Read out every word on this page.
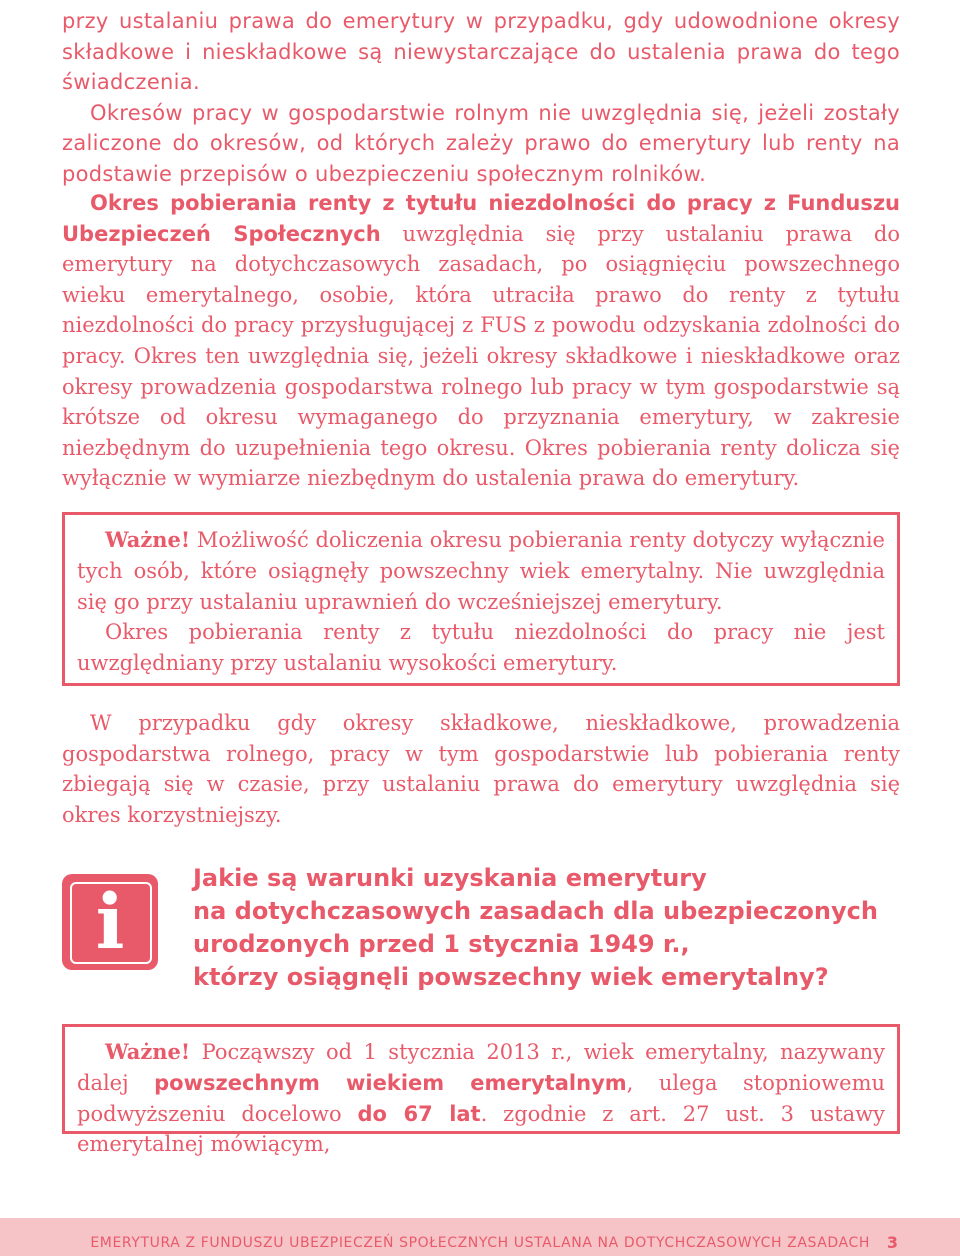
przy ustalaniu prawa do emerytury w przypadku, gdy udowodnione okresy składkowe i nieskładkowe są niewystarczające do ustalenia prawa do tego świadczenia.

Okresów pracy w gospodarstwie rolnym nie uwzględnia się, jeżeli zostały zaliczone do okresów, od których zależy prawo do emerytury lub renty na podstawie przepisów o ubezpieczeniu społecznym rolników.

Okres pobierania renty z tytułu niezdolności do pracy z Funduszu Ubezpieczeń Społecznych uwzględnia się przy ustalaniu prawa do emerytury na dotychczasowych zasadach, po osiągnięciu powszechnego wieku emerytalnego, osobie, która utraciła prawo do renty z tytułu niezdolności do pracy przysługującej z FUS z powodu odzyskania zdolności do pracy. Okres ten uwzględnia się, jeżeli okresy składkowe i nieskładkowe oraz okresy prowadzenia gospodarstwa rolnego lub pracy w tym gospodarstwie są krótsze od okresu wymaganego do przyznania emerytury, w zakresie niezbędnym do uzupełnienia tego okresu. Okres pobierania renty dolicza się wyłącznie w wymiarze niezbędnym do ustalenia prawa do emerytury.

Ważne! Możliwość doliczenia okresu pobierania renty dotyczy wyłącznie tych osób, które osiągnęły powszechny wiek emerytalny. Nie uwzględnia się go przy ustalaniu uprawnień do wcześniejszej emerytury.

Okres pobierania renty z tytułu niezdolności do pracy nie jest uwzględniany przy ustalaniu wysokości emerytury.

W przypadku gdy okresy składkowe, nieskładkowe, prowadzenia gospodarstwa rolnego, pracy w tym gospodarstwie lub pobierania renty zbiegają się w czasie, przy ustalaniu prawa do emerytury uwzględnia się okres korzystniejszy.

i	Jakie są warunki uzyskania emerytury
na dotychczasowych zasadach dla ubezpieczonych
urodzonych przed 1 stycznia 1949 r.,
którzy osiągnęli powszechny wiek emerytalny?

Ważne! Począwszy od 1 stycznia 2013 r., wiek emerytalny, nazywany dalej powszechnym wiekiem emerytalnym, ulega stopniowemu podwyższeniu docelowo do 67 lat. zgodnie z art. 27 ust. 3 ustawy emerytalnej mówiącym,

EMERYTURA Z FUNDUSZU UBEZPIECZEŃ SPOŁECZNYCH USTALANA NA DOTYCHCZASOWYCH ZASADACH 3
